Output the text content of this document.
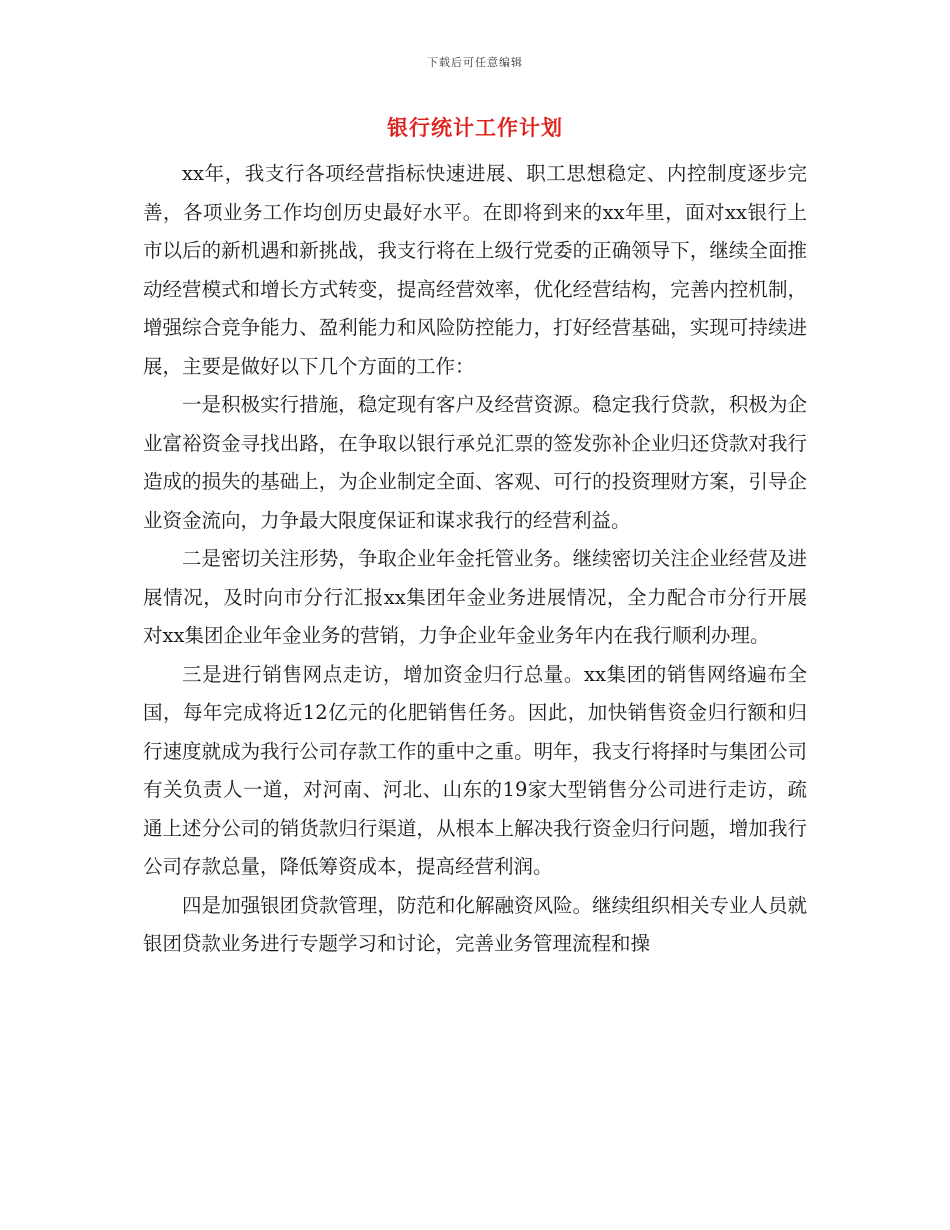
下载后可任意编辑
银行统计工作计划

xx年，我支行各项经营指标快速进展、职工思想稳定、内控制度逐步完善，各项业务工作均创历史最好水平。在即将到来的xx年里，面对xx银行上市以后的新机遇和新挑战，我支行将在上级行党委的正确领导下，继续全面推动经营模式和增长方式转变，提高经营效率，优化经营结构，完善内控机制，增强综合竞争能力、盈利能力和风险防控能力，打好经营基础，实现可持续进展，主要是做好以下几个方面的工作：

一是积极实行措施，稳定现有客户及经营资源。稳定我行贷款，积极为企业富裕资金寻找出路，在争取以银行承兑汇票的签发弥补企业归还贷款对我行造成的损失的基础上，为企业制定全面、客观、可行的投资理财方案，引导企业资金流向，力争最大限度保证和谋求我行的经营利益。

二是密切关注形势，争取企业年金托管业务。继续密切关注企业经营及进展情况，及时向市分行汇报xx集团年金业务进展情况，全力配合市分行开展对xx集团企业年金业务的营销，力争企业年金业务年内在我行顺利办理。

三是进行销售网点走访，增加资金归行总量。xx集团的销售网络遍布全国，每年完成将近12亿元的化肥销售任务。因此，加快销售资金归行额和归行速度就成为我行公司存款工作的重中之重。明年，我支行将择时与集团公司有关负责人一道，对河南、河北、山东的19家大型销售分公司进行走访，疏通上述分公司的销货款归行渠道，从根本上解决我行资金归行问题，增加我行公司存款总量，降低筹资成本，提高经营利润。

四是加强银团贷款管理，防范和化解融资风险。继续组织相关专业人员就银团贷款业务进行专题学习和讨论，完善业务管理流程和操
